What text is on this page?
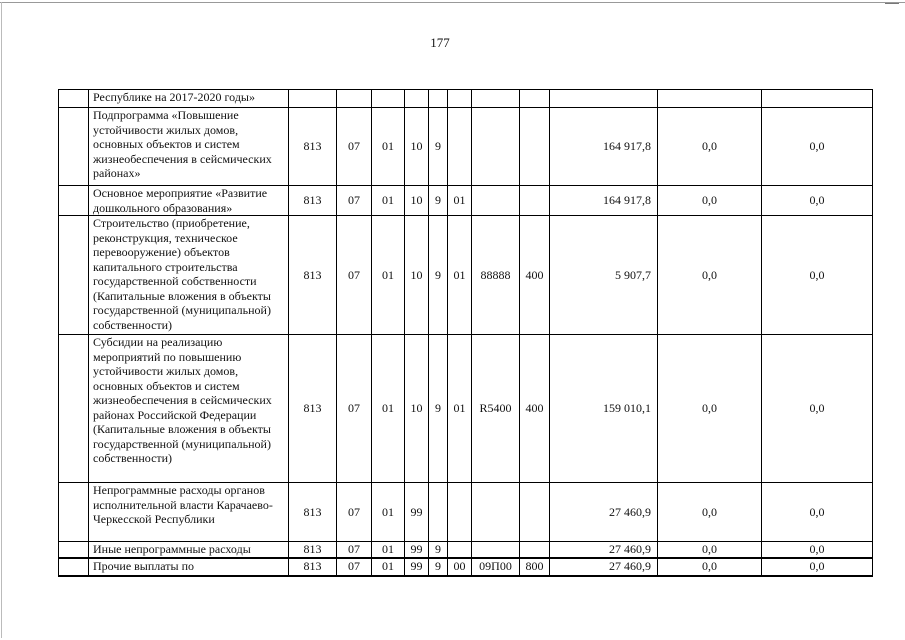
177
	Республике на 2017-2020 годы»											
	Подпрограмма «Повышение устойчивости жилых домов, основных объектов и систем жизнеобеспечения в сейсмических районах»	813	07	01	10	9				164 917,8	0,0	0,0
	Основное мероприятие «Развитие дошкольного образования»	813	07	01	10	9	01			164 917,8	0,0	0,0
	Строительство (приобретение, реконструкция, техническое перевооружение) объектов капитального строительства государственной собственности (Капитальные вложения в объекты государственной (муниципальной) собственности)	813	07	01	10	9	01	88888	400	5 907,7	0,0	0,0
	Субсидии на реализацию мероприятий по повышению устойчивости жилых домов, основных объектов и систем жизнеобеспечения в сейсмических районах Российской Федерации (Капитальные вложения в объекты государственной (муниципальной) собственности)	813	07	01	10	9	01	R5400	400	159 010,1	0,0	0,0
	Непрограммные расходы органов исполнительной власти Карачаево-Черкесской Республики	813	07	01	99					27 460,9	0,0	0,0
	Иные непрограммные расходы	813	07	01	99	9				27 460,9	0,0	0,0
	Прочие выплаты по	813	07	01	99	9	00	09П00	800	27 460,9	0,0	0,0
